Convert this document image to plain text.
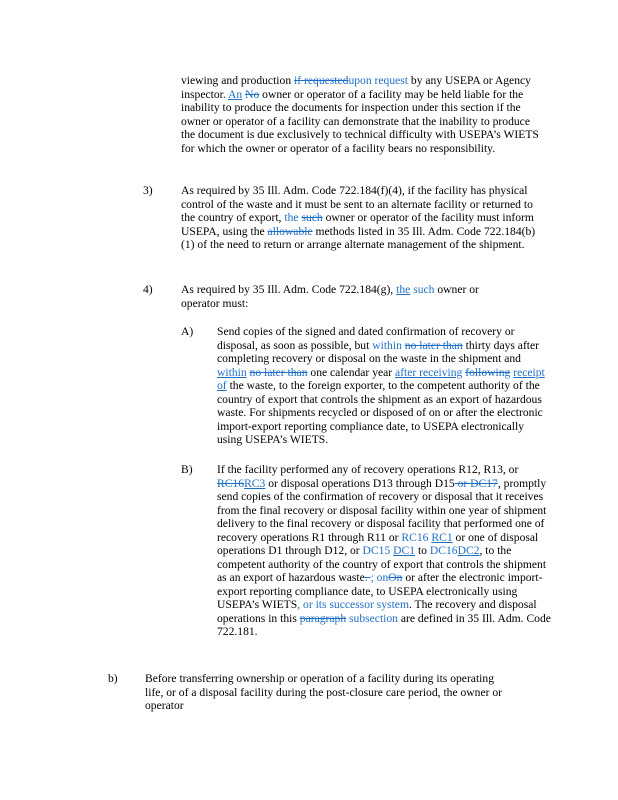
viewing and production if requestedupon request by any USEPA or Agency inspector. An No owner or operator of a facility may be held liable for the inability to produce the documents for inspection under this section if the owner or operator of a facility can demonstrate that the inability to produce the document is due exclusively to technical difficulty with USEPA’s WIETS for which the owner or operator of a facility bears no responsibility.
3) As required by 35 Ill. Adm. Code 722.184(f)(4), if the facility has physical control of the waste and it must be sent to an alternate facility or returned to the country of export, the such owner or operator of the facility must inform USEPA, using the allowable methods listed in 35 Ill. Adm. Code 722.184(b)(1) of the need to return or arrange alternate management of the shipment.
4) As required by 35 Ill. Adm. Code 722.184(g), the such owner or operator must:
A) Send copies of the signed and dated confirmation of recovery or disposal, as soon as possible, but within no later than thirty days after completing recovery or disposal on the waste in the shipment and within no later than one calendar year after receiving following receipt of the waste, to the foreign exporter, to the competent authority of the country of export that controls the shipment as an export of hazardous waste. For shipments recycled or disposed of on or after the electronic import-export reporting compliance date, to USEPA electronically using USEPA’s WIETS.
B) If the facility performed any of recovery operations R12, R13, or RC16RC3 or disposal operations D13 through D15 or DC17, promptly send copies of the confirmation of recovery or disposal that it receives from the final recovery or disposal facility within one year of shipment delivery to the final recovery or disposal facility that performed one of recovery operations R1 through R11 or RC16 RC1 or one of disposal operations D1 through D12, or DC15 DC1 to DC16DC2, to the competent authority of the country of export that controls the shipment as an export of hazardous waste. ; onOn or after the electronic import-export reporting compliance date, to USEPA electronically using USEPA’s WIETS, or its successor system. The recovery and disposal operations in this paragraph subsection are defined in 35 Ill. Adm. Code 722.181.
b) Before transferring ownership or operation of a facility during its operating life, or of a disposal facility during the post-closure care period, the owner or operator
